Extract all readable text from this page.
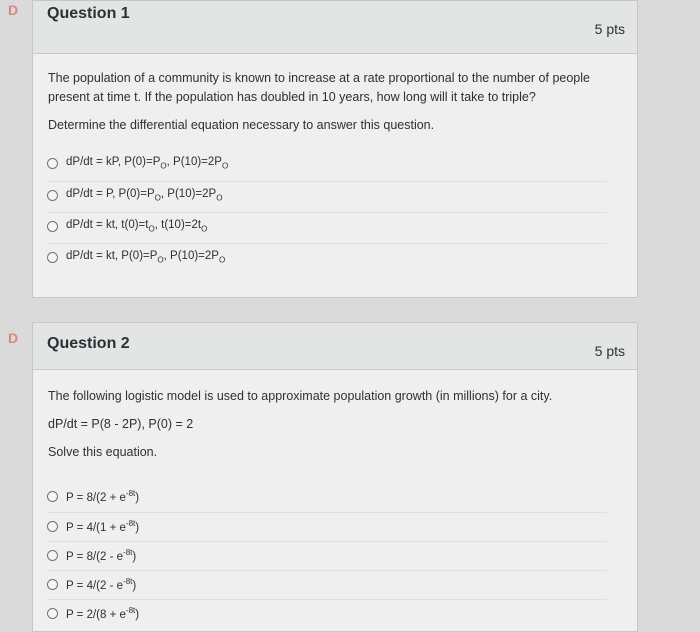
D Question 1
5 pts
The population of a community is known to increase at a rate proportional to the number of people present at time t. If the population has doubled in 10 years, how long will it take to triple?
Determine the differential equation necessary to answer this question.
dP/dt = kP, $P(0)=P_O$, $P(10)=2P_O$
dP/dt = P, $P(0)=P_O$, $P(10)=2P_O$
dP/dt = kt, $t(0)=t_O$, $t(10)=2t_O$
dP/dt = kt, $P(0)=P_O$, $P(10)=2P_O$
D Question 2	5 pts
The following logistic model is used to approximate population growth (in millions) for a city.
dP/dt = P(8 - 2P), P(0) = 2
Solve this equation.
$P = 8/(2 + e^{-8t})$
$P = 4/(1 + e^{-8t})$
$P = 8/(2 - e^{-8t})$
$P = 4/(2 - e^{-8t})$
$P = 2/(8 + e^{-8t})$
